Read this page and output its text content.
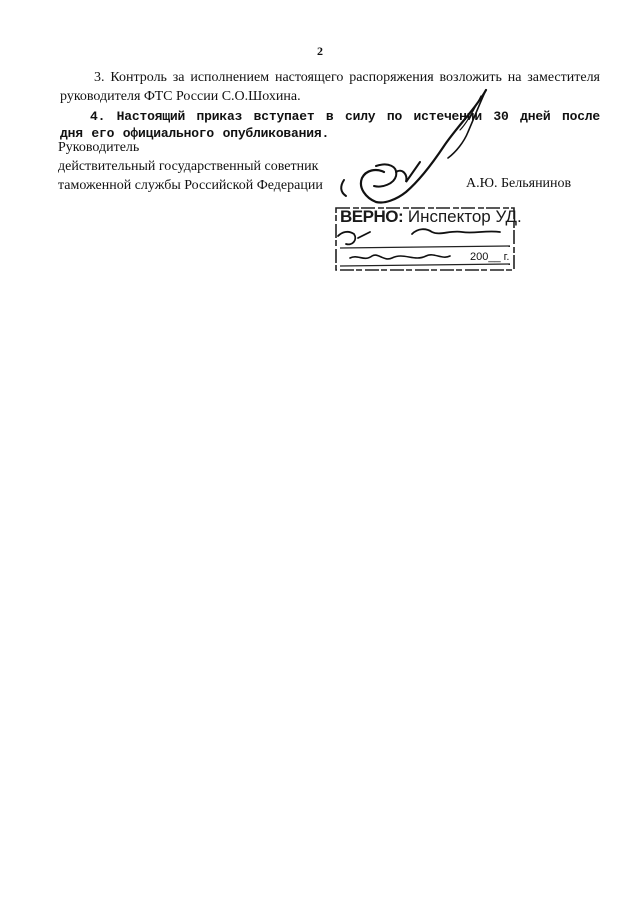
2
3. Контроль за исполнением настоящего распоряжения возложить на заместителя руководителя ФТС России С.О.Шохина.
4. Настоящий приказ вступает в силу по истечении 30 дней после дня его официального опубликования.
Руководитель
действительный государственный советник
таможенной службы Российской Федерации	А.Ю. Бельянинов
ВЕРНО: Инспектор УД.
200__ г.
